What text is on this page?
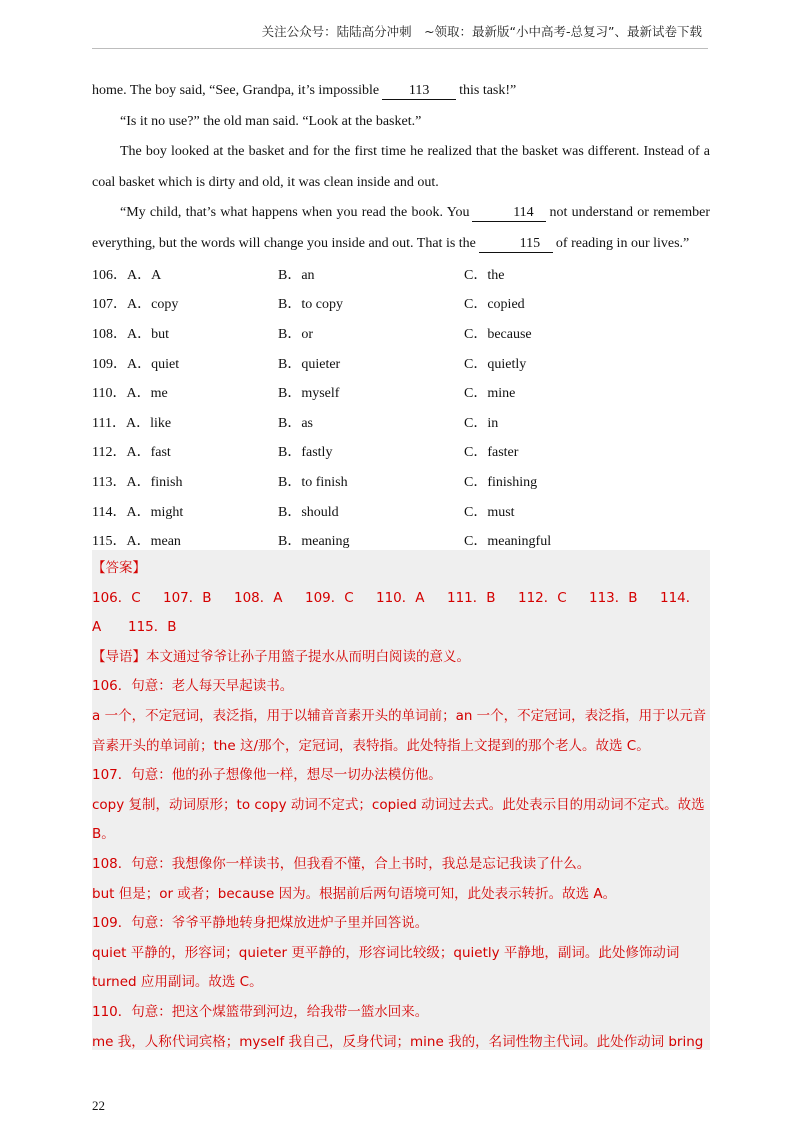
关注公众号：陆陆高分冲刺　~领取：最新版“小中高考-总复习”、最新试卷下载

home. The boy said, “See, Grandpa, it’s impossible 113 this task!”

“Is it no use?” the old man said. “Look at the basket.”

The boy looked at the basket and for the first time he realized that the basket was different. Instead of a coal basket which is dirty and old, it was clean inside and out.

“My child, that’s what happens when you read the book. You	114 not understand or remember everything, but the words will change you inside and out. That is the	115 of reading in our lives.”

106．A．A	B．an	C．the
107．A．copy	B．to copy	C．copied
108．A．but	B．or	C．because
109．A．quiet	B．quieter	C．quietly
110．A．me	B．myself	C．mine
111．A．like	B．as	C．in
112．A．fast	B．fastly	C．faster
113．A．finish	B．to finish	C．finishing
114．A．might	B．should	C．must
115．A．mean	B．meaning	C．meaningful

【答案】

106．C 107．B 108．A 109．C 110．A 111．B 112．C 113．B 114．

A 115．B

【导语】本文通过爷爷让孙子用篮子提水从而明白阅读的意义。

106．句意：老人每天早起读书。

a 一个，不定冠词，表泛指，用于以辅音音素开头的单词前；an 一个，不定冠词，表泛指，用于以元音音素开头的单词前；the 这/那个，定冠词，表特指。此处特指上文提到的那个老人。故选 C。

107．句意：他的孙子想像他一样，想尽一切办法模仿他。

copy 复制，动词原形；to copy 动词不定式；copied 动词过去式。此处表示目的用动词不定式。故选B。

108．句意：我想像你一样读书，但我看不懂，合上书时，我总是忘记我读了什么。

but 但是；or 或者；because 因为。根据前后两句语境可知，此处表示转折。故选 A。

109．句意：爷爷平静地转身把煤放进炉子里并回答说。

quiet 平静的，形容词；quieter 更平静的，形容词比较级；quietly 平静地，副词。此处修饰动词turned 应用副词。故选 C。

110．句意：把这个煤篮带到河边，给我带一篮水回来。

me 我，人称代词宾格；myself 我自己，反身代词；mine 我的，名词性物主代词。此处作动词 bring

22
